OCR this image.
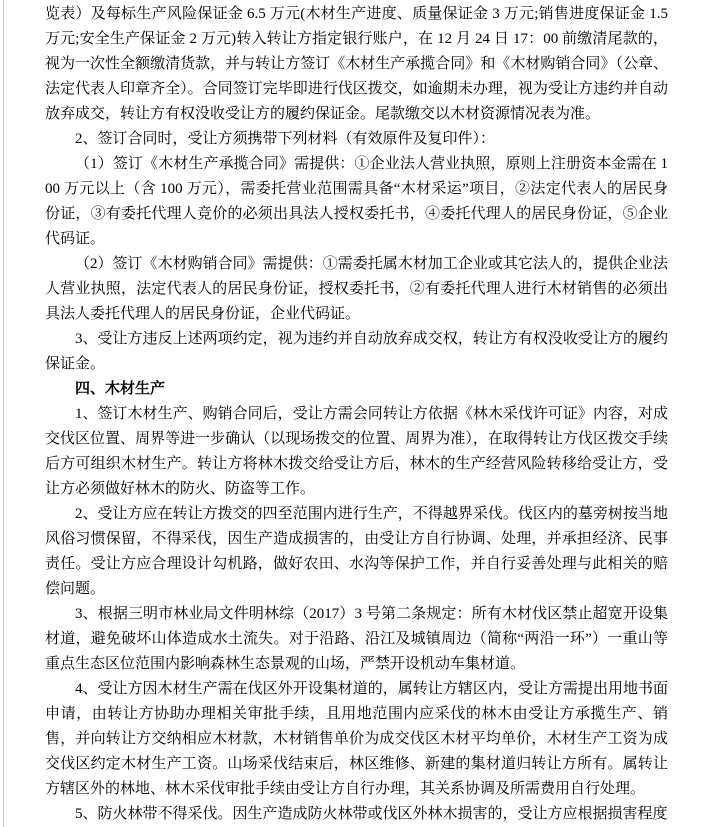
览表）及每标生产风险保证金 6.5 万元(木材生产进度、质量保证金 3 万元;销售进度保证金 1.5 万元;安全生产保证金 2 万元)转入转让方指定银行账户，在 12 月 24 日 17：00 前缴清尾款的，视为一次性全额缴清货款，并与转让方签订《木材生产承揽合同》和《木材购销合同》（公章、法定代表人印章齐全）。合同签订完毕即进行伐区拨交，如逾期未办理，视为受让方违约并自动放弃成交，转让方有权没收受让方的履约保证金。尾款缴交以木材资源情况表为准。

2、签订合同时，受让方须携带下列材料（有效原件及复印件）：

（1）签订《木材生产承揽合同》需提供：①企业法人营业执照，原则上注册资本金需在 100 万元以上（含 100 万元），需委托营业范围需具备“木材采运”项目，②法定代表人的居民身份证，③有委托代理人竞价的必须出具法人授权委托书，④委托代理人的居民身份证，⑤企业代码证。

（2）签订《木材购销合同》需提供：①需委托属木材加工企业或其它法人的，提供企业法人营业执照，法定代表人的居民身份证，授权委托书，②有委托代理人进行木材销售的必须出具法人委托代理人的居民身份证，企业代码证。

3、受让方违反上述两项约定，视为违约并自动放弃成交权，转让方有权没收受让方的履约保证金。

四、木材生产

1、签订木材生产、购销合同后，受让方需会同转让方依据《林木采伐许可证》内容，对成交伐区位置、周界等进一步确认（以现场拨交的位置、周界为准），在取得转让方伐区拨交手续后方可组织木材生产。转让方将林木拨交给受让方后，林木的生产经营风险转移给受让方，受让方必须做好林木的防火、防盗等工作。

2、受让方应在转让方拨交的四至范围内进行生产，不得越界采伐。伐区内的墓旁树按当地风俗习惯保留，不得采伐，因生产造成损害的，由受让方自行协调、处理，并承担经济、民事责任。受让方应合理设计勾机路，做好农田、水沟等保护工作，并自行妥善处理与此相关的赔偿问题。

3、根据三明市林业局文件明林综（2017）3 号第二条规定：所有木材伐区禁止超宽开设集材道，避免破坏山体造成水土流失。对于沿路、沿江及城镇周边（简称“两沿一环”）一重山等重点生态区位范围内影响森林生态景观的山场，严禁开设机动车集材道。

4、受让方因木材生产需在伐区外开设集材道的，属转让方辖区内，受让方需提出用地书面申请，由转让方协助办理相关审批手续，且用地范围内应采伐的林木由受让方承揽生产、销售，并向转让方交纳相应木材款，木材销售单价为成交伐区木材平均单价，木材生产工资为成交伐区约定木材生产工资。山场采伐结束后，林区维修、新建的集材道归转让方所有。属转让方辖区外的林地、林木采伐审批手续由受让方自行办理，其关系协调及所需费用自行处理。

5、防火林带不得采伐。因生产造成防火林带或伐区外林木损害的，受让方应根据损害程度
